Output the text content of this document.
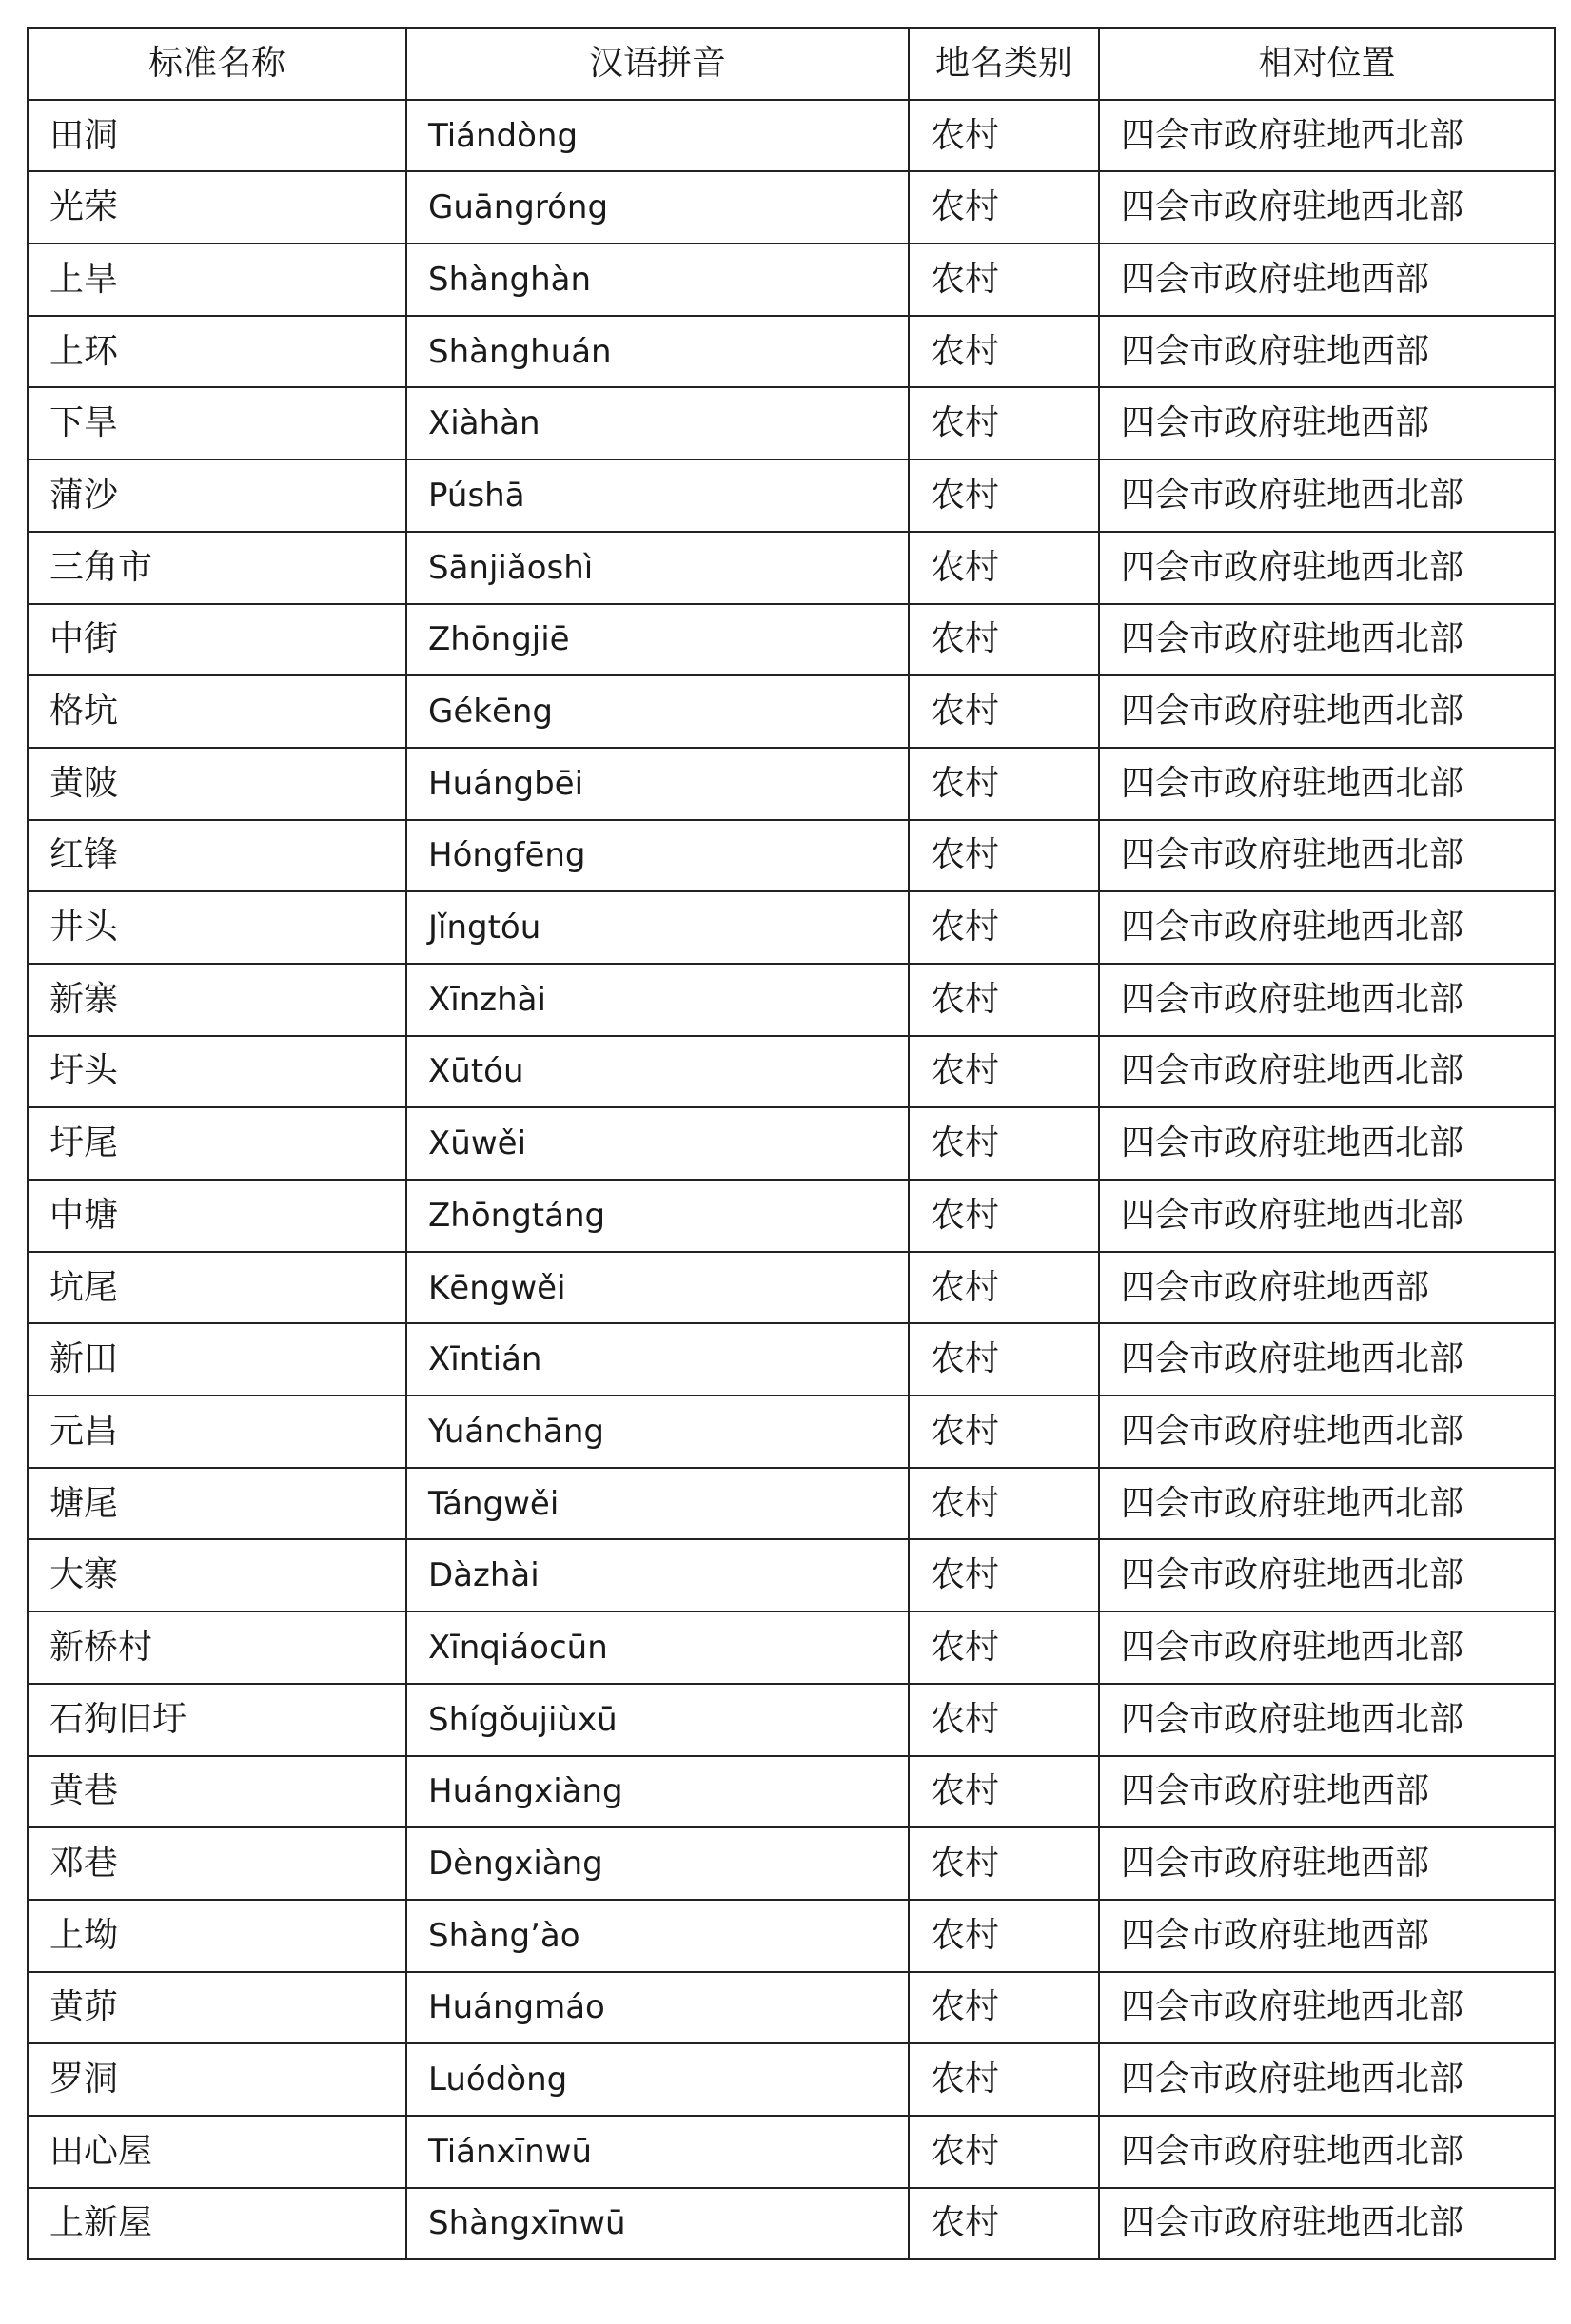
标准名称	汉语拼音	地名类别	相对位置
田洞	Tiándòng	农村	四会市政府驻地西北部
光荣	Guāngróng	农村	四会市政府驻地西北部
上旱	Shànghàn	农村	四会市政府驻地西部
上环	Shànghuán	农村	四会市政府驻地西部
下旱	Xiàhàn	农村	四会市政府驻地西部
蒲沙	Púshā	农村	四会市政府驻地西北部
三角市	Sānjiǎoshì	农村	四会市政府驻地西北部
中街	Zhōngjiē	农村	四会市政府驻地西北部
格坑	Gékēng	农村	四会市政府驻地西北部
黄陂	Huángbēi	农村	四会市政府驻地西北部
红锋	Hóngfēng	农村	四会市政府驻地西北部
井头	Jǐngtóu	农村	四会市政府驻地西北部
新寨	Xīnzhài	农村	四会市政府驻地西北部
圩头	Xūtóu	农村	四会市政府驻地西北部
圩尾	Xūwěi	农村	四会市政府驻地西北部
中塘	Zhōngtáng	农村	四会市政府驻地西北部
坑尾	Kēngwěi	农村	四会市政府驻地西部
新田	Xīntián	农村	四会市政府驻地西北部
元昌	Yuánchāng	农村	四会市政府驻地西北部
塘尾	Tángwěi	农村	四会市政府驻地西北部
大寨	Dàzhài	农村	四会市政府驻地西北部
新桥村	Xīnqiáocūn	农村	四会市政府驻地西北部
石狗旧圩	Shígǒujiùxū	农村	四会市政府驻地西北部
黄巷	Huángxiàng	农村	四会市政府驻地西部
邓巷	Dèngxiàng	农村	四会市政府驻地西部
上坳	Shàng’ào	农村	四会市政府驻地西部
黄茆	Huángmáo	农村	四会市政府驻地西北部
罗洞	Luódòng	农村	四会市政府驻地西北部
田心屋	Tiánxīnwū	农村	四会市政府驻地西北部
上新屋	Shàngxīnwū	农村	四会市政府驻地西北部
